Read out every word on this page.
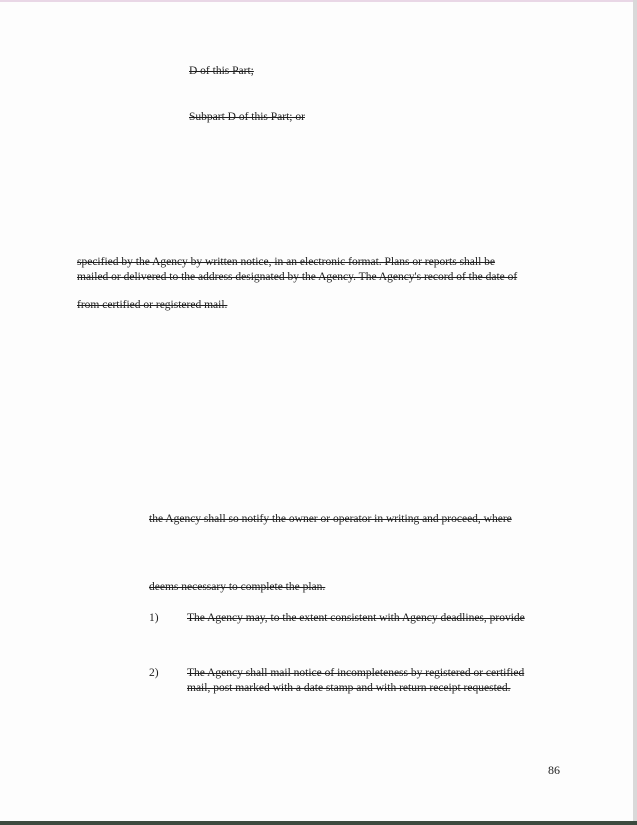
D of this Part;
Subpart D of this Part; or
specified by the Agency by written notice, in an electronic format. Plans or reports shall be
mailed or delivered to the address designated by the Agency. The Agency's record of the date of
from certified or registered mail.
the Agency shall so notify the owner or operator in writing and proceed, where
deems necessary to complete the plan.
1) The Agency may, to the extent consistent with Agency deadlines, provide
2) The Agency shall mail notice of incompleteness by registered or certified
mail, post marked with a date stamp and with return receipt requested.
86
